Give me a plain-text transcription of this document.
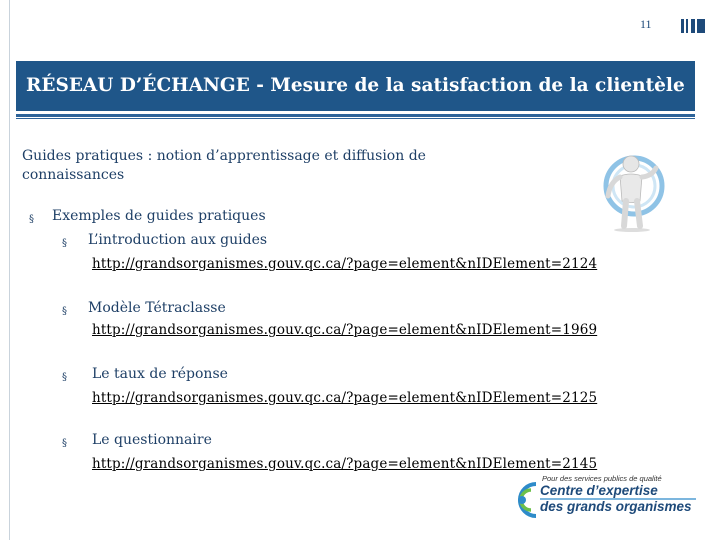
11
RÉSEAU D’ÉCHANGE - Mesure de la satisfaction de la clientèle
Guides pratiques : notion d’apprentissage et diffusion de connaissances
§ Exemples de guides pratiques
§ L’introduction aux guides
http://grandsorganismes.gouv.qc.ca/?page=element&nIDElement=2124
§ Modèle Tétraclasse
http://grandsorganismes.gouv.qc.ca/?page=element&nIDElement=1969
§ Le taux de réponse
http://grandsorganismes.gouv.qc.ca/?page=element&nIDElement=2125
§ Le questionnaire
http://grandsorganismes.gouv.qc.ca/?page=element&nIDElement=2145
Pour des services publics de qualité
Centre d’expertise
des grands organismes
